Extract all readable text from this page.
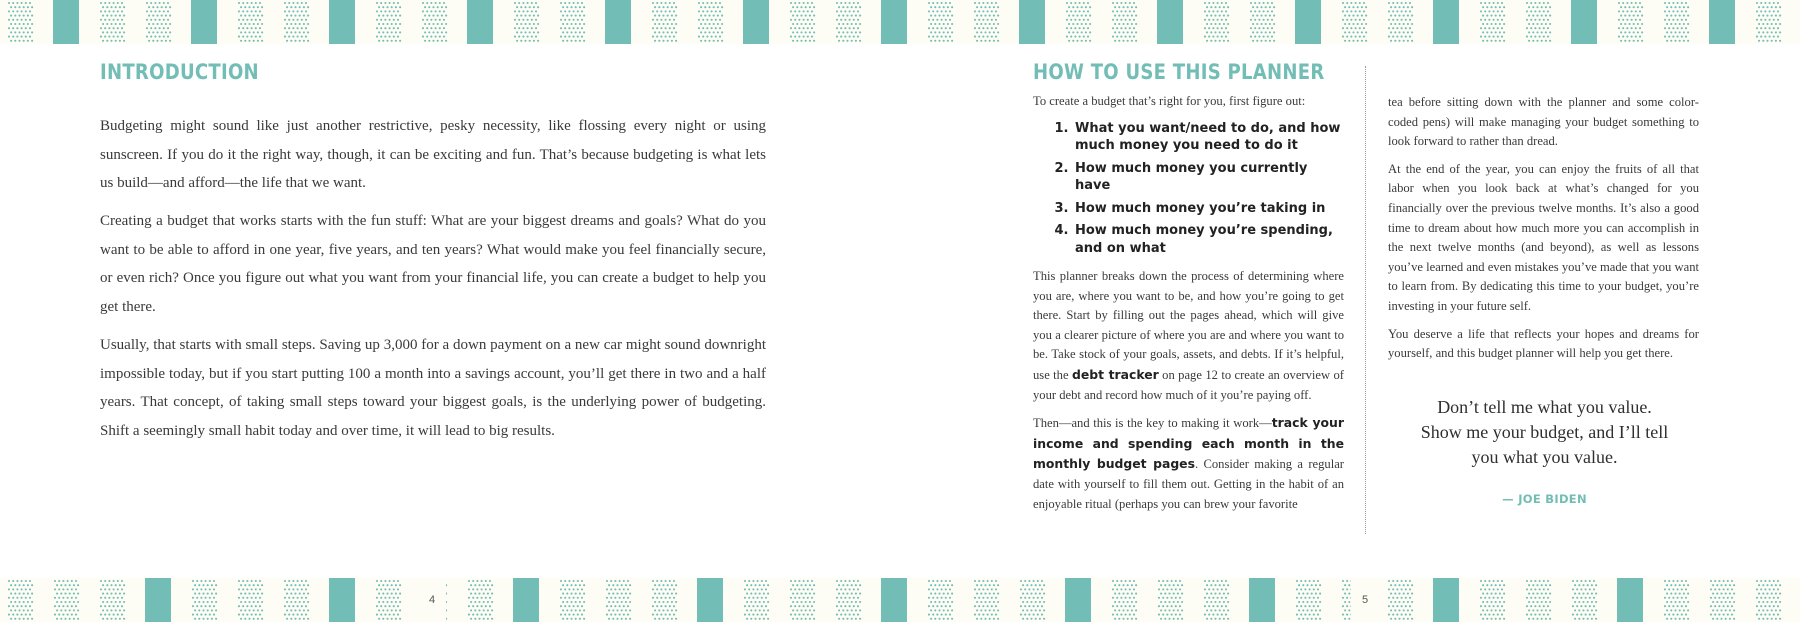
INTRODUCTION

Budgeting might sound like just another restrictive, pesky necessity, like flossing every night or using sunscreen. If you do it the right way, though, it can be exciting and fun. That’s because budgeting is what lets us build—and afford—the life that we want.

Creating a budget that works starts with the fun stuff: What are your biggest dreams and goals? What do you want to be able to afford in one year, five years, and ten years? What would make you feel financially secure, or even rich? Once you figure out what you want from your financial life, you can create a budget to help you get there.

Usually, that starts with small steps. Saving up 3,000 for a down payment on a new car might sound downright impossible today, but if you start putting 100 a month into a savings account, you’ll get there in two and a half years. That concept, of taking small steps toward your biggest goals, is the underlying power of budgeting. Shift a seemingly small habit today and over time, it will lead to big results.

HOW TO USE THIS PLANNER

To create a budget that’s right for you, first figure out:

1. What you want/need to do, and how much money you need to do it
2. How much money you currently have
3. How much money you’re taking in
4. How much money you’re spending, and on what

This planner breaks down the process of determining where you are, where you want to be, and how you’re going to get there. Start by filling out the pages ahead, which will give you a clearer picture of where you are and where you want to be. Take stock of your goals, assets, and debts. If it’s helpful, use the debt tracker on page 12 to create an overview of your debt and record how much of it you’re paying off.

Then—and this is the key to making it work—track your income and spending each month in the monthly budget pages. Consider making a regular date with yourself to fill them out. Getting in the habit of an enjoyable ritual (perhaps you can brew your favorite

tea before sitting down with the planner and some color-coded pens) will make managing your budget something to look forward to rather than dread.

At the end of the year, you can enjoy the fruits of all that labor when you look back at what’s changed for you financially over the previous twelve months. It’s also a good time to dream about how much more you can accomplish in the next twelve months (and beyond), as well as lessons you’ve learned and even mistakes you’ve made that you want to learn from. By dedicating this time to your budget, you’re investing in your future self.

You deserve a life that reflects your hopes and dreams for yourself, and this budget planner will help you get there.

Don’t tell me what you value.
Show me your budget, and I’ll tell
you what you value.
— JOE BIDEN
4	5
